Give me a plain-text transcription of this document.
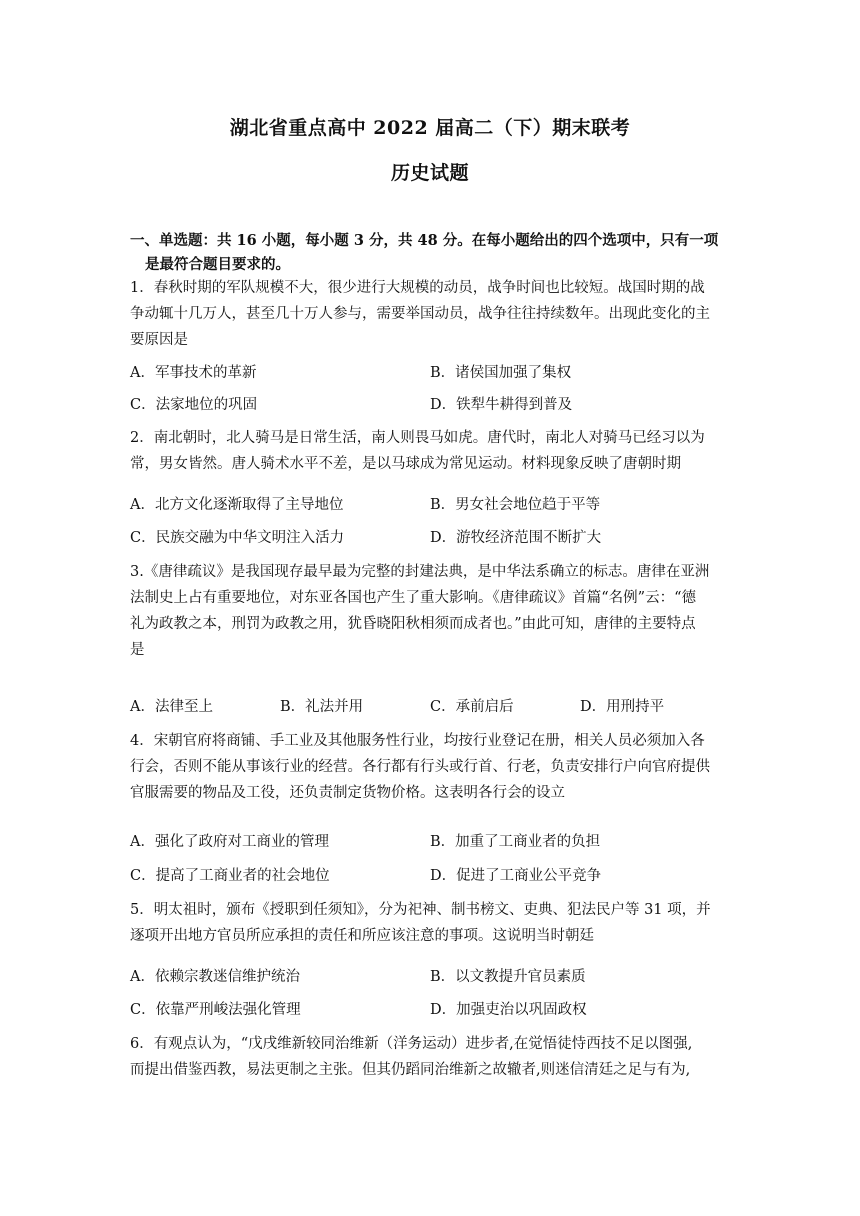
湖北省重点高中 2022 届高二（下）期末联考
历史试题
一、单选题：共 16 小题，每小题 3 分，共 48 分。在每小题给出的四个选项中，只有一项
是最符合题目要求的。
1．春秋时期的军队规模不大，很少进行大规模的动员，战争时间也比较短。战国时期的战
争动辄十几万人，甚至几十万人参与，需要举国动员，战争往往持续数年。出现此变化的主
要原因是
A．军事技术的革新	B．诸侯国加强了集权
C．法家地位的巩固	D．铁犁牛耕得到普及
2．南北朝时，北人骑马是日常生活，南人则畏马如虎。唐代时，南北人对骑马已经习以为
常，男女皆然。唐人骑术水平不差，是以马球成为常见运动。材料现象反映了唐朝时期
A．北方文化逐渐取得了主导地位	B．男女社会地位趋于平等
C．民族交融为中华文明注入活力	D．游牧经济范围不断扩大
3.《唐律疏议》是我国现存最早最为完整的封建法典，是中华法系确立的标志。唐律在亚洲
法制史上占有重要地位，对东亚各国也产生了重大影响。《唐律疏议》首篇“名例”云：“德
礼为政教之本，刑罚为政教之用，犹昏晓阳秋相须而成者也。”由此可知，唐律的主要特点
是
A．法律至上	B．礼法并用	C．承前启后	D．用刑持平
4．宋朝官府将商铺、手工业及其他服务性行业，均按行业登记在册，相关人员必须加入各
行会，否则不能从事该行业的经营。各行都有行头或行首、行老，负责安排行户向官府提供
官服需要的物品及工役，还负责制定货物价格。这表明各行会的设立
A．强化了政府对工商业的管理	B．加重了工商业者的负担
C．提高了工商业者的社会地位	D．促进了工商业公平竞争
5．明太祖时，颁布《授职到任须知》，分为祀神、制书榜文、吏典、犯法民户等 31 项，并
逐项开出地方官员所应承担的责任和所应该注意的事项。这说明当时朝廷
A．依赖宗教迷信维护统治	B．以文教提升官员素质
C．依靠严刑峻法强化管理	D．加强吏治以巩固政权
6．有观点认为，“戊戌维新较同治维新（洋务运动）进步者,在觉悟徒恃西技不足以图强,
而提出借鉴西教，易法更制之主张。但其仍蹈同治维新之故辙者,则迷信清廷之足与有为,
